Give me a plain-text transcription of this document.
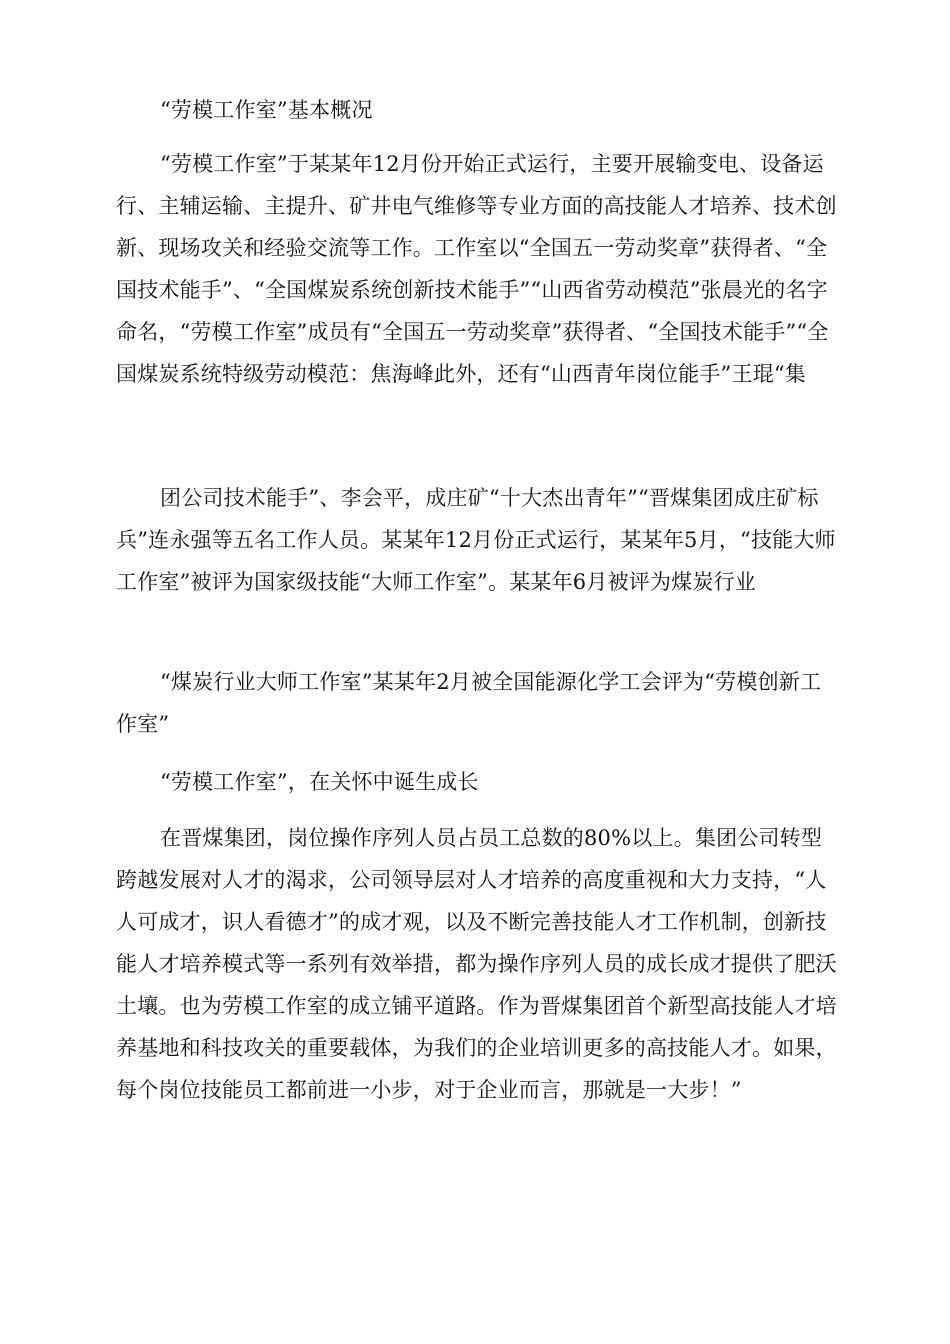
“劳模工作室”基本概况

“劳模工作室”于某某年12月份开始正式运行，主要开展输变电、设备运行、主辅运输、主提升、矿井电气维修等专业方面的高技能人才培养、技术创新、现场攻关和经验交流等工作。工作室以“全国五一劳动奖章”获得者、“全国技术能手”、“全国煤炭系统创新技术能手”“山西省劳动模范”张晨光的名字命名，“劳模工作室”成员有“全国五一劳动奖章”获得者、“全国技术能手”“全国煤炭系统特级劳动模范：焦海峰此外，还有“山西青年岗位能手”王琨“集

团公司技术能手”、李会平，成庄矿“十大杰出青年”“晋煤集团成庄矿标兵”连永强等五名工作人员。某某年12月份正式运行，某某年5月，“技能大师工作室”被评为国家级技能“大师工作室”。某某年6月被评为煤炭行业

“煤炭行业大师工作室”某某年2月被全国能源化学工会评为“劳模创新工作室”

“劳模工作室”，在关怀中诞生成长

在晋煤集团，岗位操作序列人员占员工总数的80%以上。集团公司转型跨越发展对人才的渴求，公司领导层对人才培养的高度重视和大力支持，“人人可成才，识人看德才”的成才观，以及不断完善技能人才工作机制，创新技能人才培养模式等一系列有效举措，都为操作序列人员的成长成才提供了肥沃土壤。也为劳模工作室的成立铺平道路。作为晋煤集团首个新型高技能人才培养基地和科技攻关的重要载体，为我们的企业培训更多的高技能人才。如果，每个岗位技能员工都前进一小步，对于企业而言，那就是一大步！”
